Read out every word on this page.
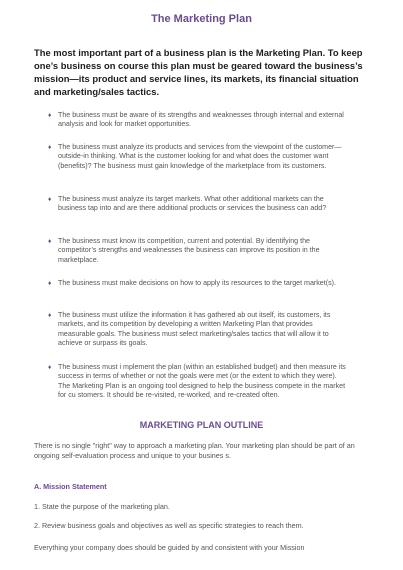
The Marketing Plan
The most important part of a business plan is the Marketing Plan. To keep one’s business on course this plan must be geared toward the business’s mission—its product and service lines, its markets, its financial situation and marketing/sales tactics.
♦ The business must be aware of its strengths and weaknesses through internal and external analysis and look for market opportunities.
♦ The business must analyze its products and services from the viewpoint of the customer—outside-in thinking. What is the customer looking for and what does the customer want (benefits)? The business must gain knowledge of the marketplace from its customers.
♦ The business must analyze its target markets. What other additional markets can the business tap into and are there additional products or services the business can add?
♦ The business must know its competition, current and potential. By identifying the competitor’s strengths and weaknesses the business can improve its position in the marketplace.
♦ The business must make decisions on how to apply its resources to the target market(s).
♦ The business must utilize the information it has gathered ab out itself, its customers, its markets, and its competition by developing a written Marketing Plan that provides measurable goals. The business must select marketing/sales tactics that will allow it to achieve or surpass its goals.
♦ The business must i mplement the plan (within an established budget) and then measure its success in terms of whether or not the goals were met (or the extent to which they were). The Marketing Plan is an ongoing tool designed to help the business compete in the market for cu stomers. It should be re-visited, re-worked, and re-created often.
MARKETING PLAN OUTLINE
There is no single "right" way to approach a marketing plan. Your marketing plan should be part of an ongoing self-evaluation process and unique to your busines s.
A. Mission Statement
1. State the purpose of the marketing plan.
2. Review business goals and objectives as well as specific strategies to reach them.
Everything your company does should be guided by and consistent with your Mission
